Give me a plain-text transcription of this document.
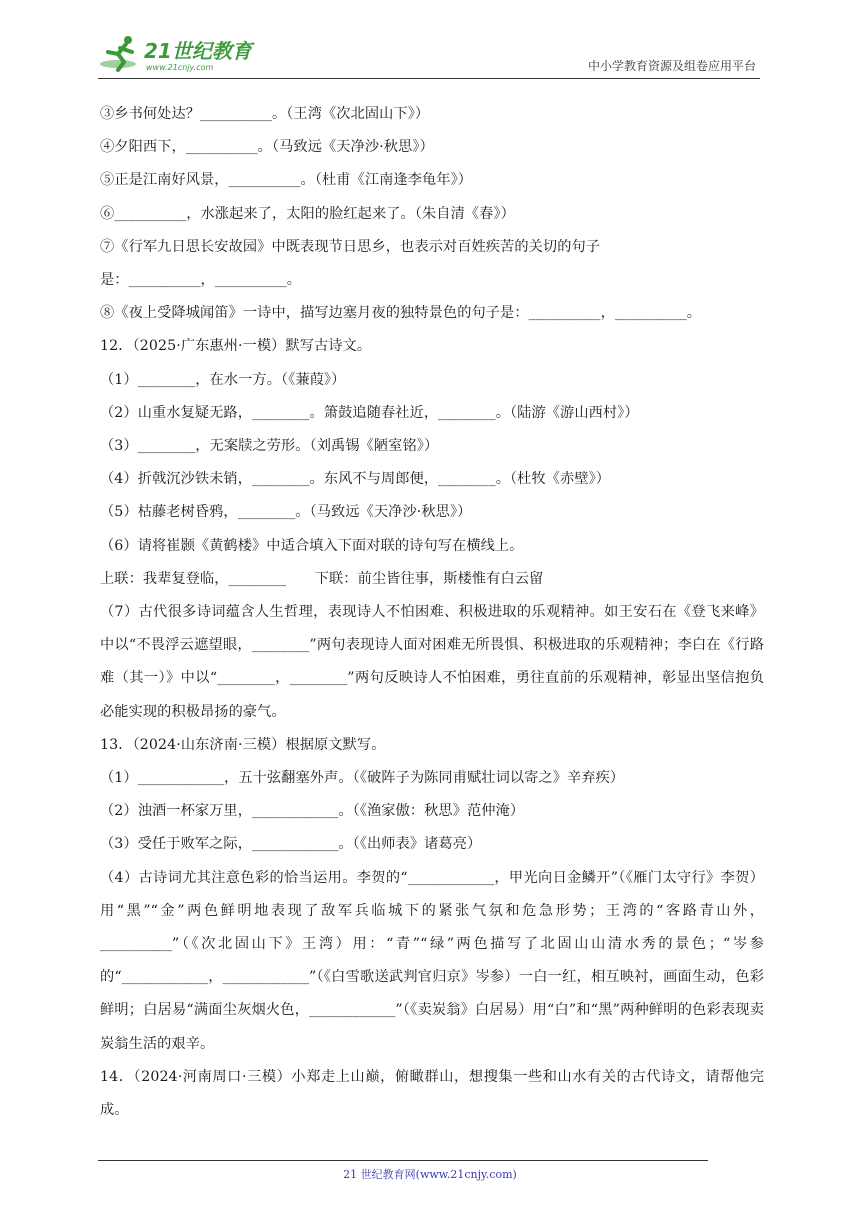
21世纪教育
www.21cnjy.com	中小学教育资源及组卷应用平台
③乡书何处达？__________。（王湾《次北固山下》）
④夕阳西下，__________。（马致远《天净沙·秋思》）
⑤正是江南好风景，__________。（杜甫《江南逢李龟年》）
⑥__________，水涨起来了，太阳的脸红起来了。（朱自清《春》）
⑦《行军九日思长安故园》中既表现节日思乡，也表示对百姓疾苦的关切的句子
是：__________，__________。
⑧《夜上受降城闻笛》一诗中，描写边塞月夜的独特景色的句子是：__________，__________。
12．（2025·广东惠州·一模）默写古诗文。
（1）________，在水一方。（《蒹葭》）
（2）山重水复疑无路，________。箫鼓追随春社近，________。（陆游《游山西村》）
（3）________，无案牍之劳形。（刘禹锡《陋室铭》）
（4）折戟沉沙铁未销，________。东风不与周郎便，________。（杜牧《赤壁》）
（5）枯藤老树昏鸦，________。（马致远《天净沙·秋思》）
（6）请将崔颢《黄鹤楼》中适合填入下面对联的诗句写在横线上。
上联：我辈复登临，________　　下联：前尘皆往事，斯楼惟有白云留
（7）古代很多诗词蕴含人生哲理，表现诗人不怕困难、积极进取的乐观精神。如王安石在《登飞来峰》中以“不畏浮云遮望眼，________”两句表现诗人面对困难无所畏惧、积极进取的乐观精神；李白在《行路难（其一）》中以“________，________”两句反映诗人不怕困难，勇往直前的乐观精神，彰显出坚信抱负必能实现的积极昂扬的豪气。
13．（2024·山东济南·三模）根据原文默写。
（1）____________，五十弦翻塞外声。（《破阵子为陈同甫赋壮词以寄之》辛弃疾）
（2）浊酒一杯家万里，____________。（《渔家傲：秋思》范仲淹）
（3）受任于败军之际，____________。（《出师表》诸葛亮）
（4）古诗词尤其注意色彩的恰当运用。李贺的“____________，甲光向日金鳞开”（《雁门太守行》李贺）用“黑”“金”两色鲜明地表现了敌军兵临城下的紧张气氛和危急形势；王湾的“客路青山外，__________”（《次北固山下》王湾）用：“青”“绿”两色描写了北固山山清水秀的景色；“岑参的“____________，____________”（《白雪歌送武判官归京》岑参）一白一红，相互映衬，画面生动，色彩鲜明；白居易“满面尘灰烟火色，____________”（《卖炭翁》白居易）用“白”和“黑”两种鲜明的色彩表现卖炭翁生活的艰辛。
14．（2024·河南周口·三模）小郑走上山巅，俯瞰群山，想搜集一些和山水有关的古代诗文，请帮他完成。
21 世纪教育网(www.21cnjy.com)
